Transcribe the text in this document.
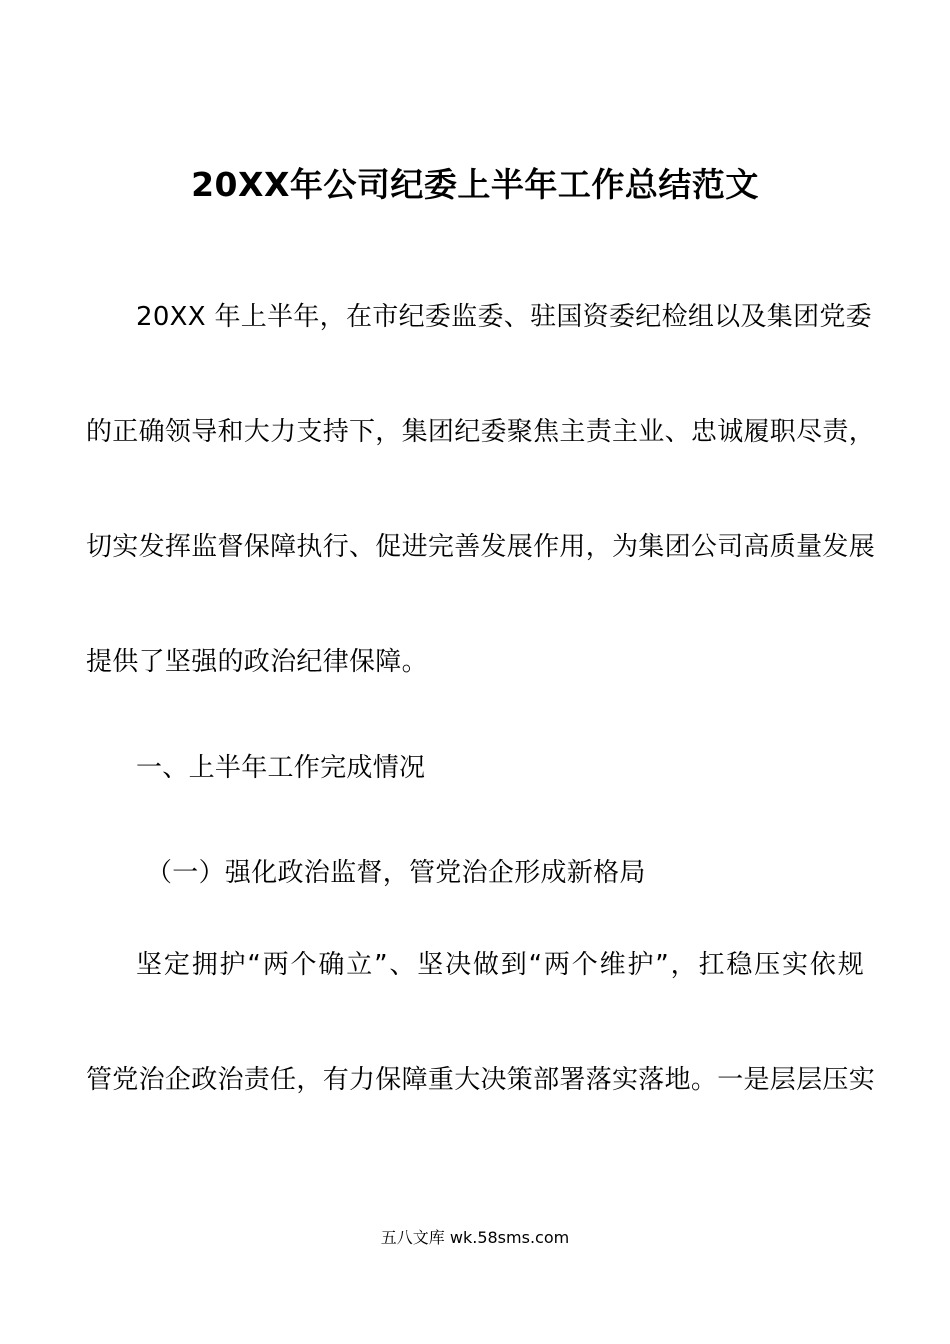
20XX年公司纪委上半年工作总结范文
20XX 年上半年，在市纪委监委、驻国资委纪检组以及集团党委
的正确领导和大力支持下，集团纪委聚焦主责主业、忠诚履职尽责，
切实发挥监督保障执行、促进完善发展作用，为集团公司高质量发展
提供了坚强的政治纪律保障。
一、上半年工作完成情况
（一）强化政治监督，管党治企形成新格局
坚定拥护“两个确立”、坚决做到“两个维护”，扛稳压实依规
管党治企政治责任，有力保障重大决策部署落实落地。一是层层压实
五八文库 wk.58sms.com
